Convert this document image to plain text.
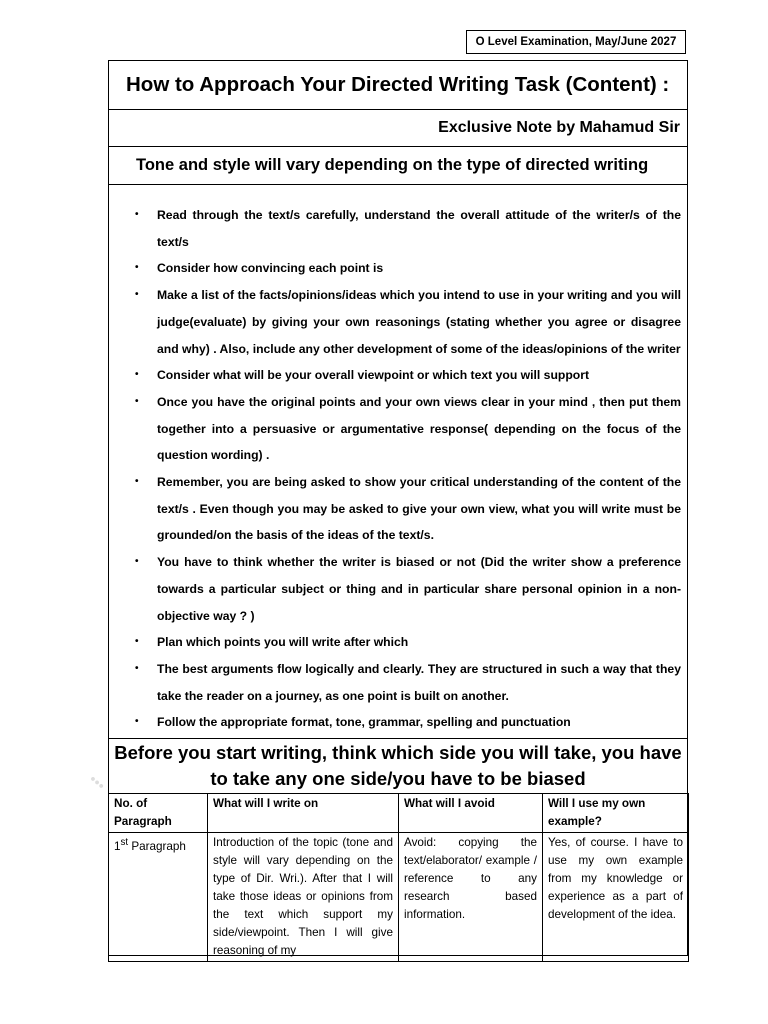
O Level Examination, May/June 2027
●●●
How to Approach Your Directed Writing Task (Content) :
Exclusive Note by Mahamud Sir
Tone and style will vary depending on the type of directed writing
• Read through the text/s carefully, understand the overall attitude of the writer/s of the text/s
• Consider how convincing each point is
• Make a list of the facts/opinions/ideas which you intend to use in your writing and you will judge(evaluate) by giving your own reasonings (stating whether you agree or disagree and why) . Also, include any other development of some of the ideas/opinions of the writer
• Consider what will be your overall viewpoint or which text you will support
• Once you have the original points and your own views clear in your mind , then put them together into a persuasive or argumentative response( depending on the focus of the question wording) .
• Remember, you are being asked to show your critical understanding of the content of the text/s . Even though you may be asked to give your own view, what you will write must be grounded/on the basis of the ideas of the text/s.
• You have to think whether the writer is biased or not (Did the writer show a preference towards a particular subject or thing and in particular share personal opinion in a non-objective way ? )
• Plan which points you will write after which
• The best arguments flow logically and clearly. They are structured in such a way that they take the reader on a journey, as one point is built on another.
• Follow the appropriate format, tone, grammar, spelling and punctuation
Before you start writing, think which side you will take, you have to take any one side/you have to be biased
No. of Paragraph	What will I write on	What will I avoid	Will I use my own example?
1st Paragraph	Introduction of the topic (tone and style will vary depending on the type of Dir. Wri.). After that I will take those ideas or opinions from the text which support my side/viewpoint. Then I will give reasoning of my	Avoid: copying the text/elaborator/ example / reference to any research based information.	Yes, of course. I have to use my own example from my knowledge or experience as a part of development of the idea.
